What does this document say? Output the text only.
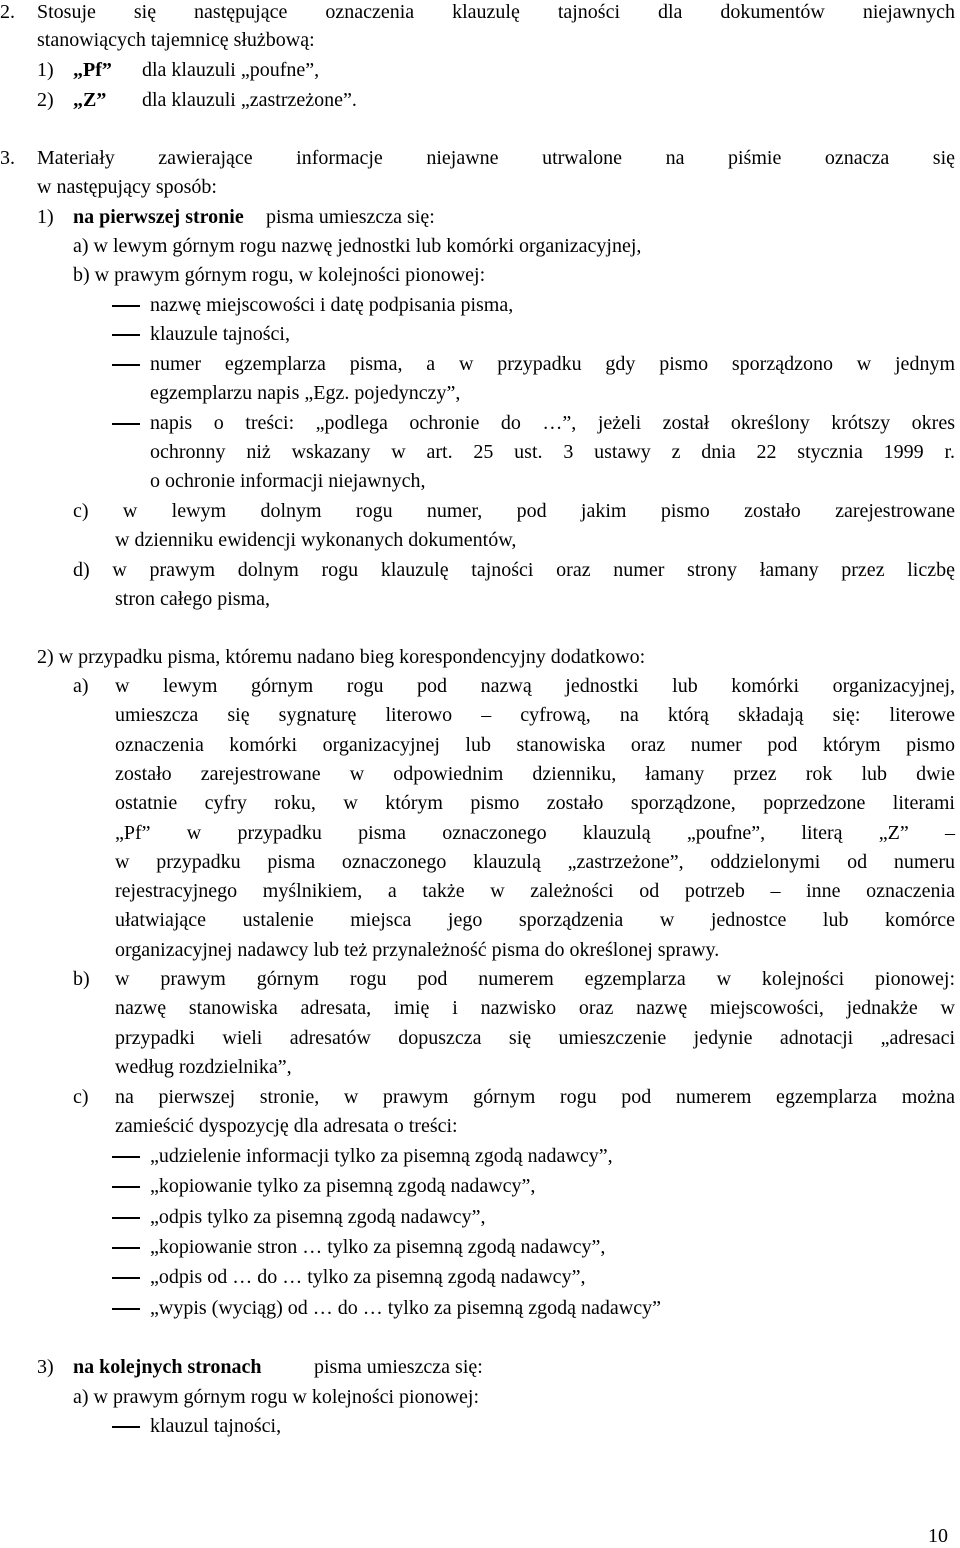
2. Stosuje się następujące oznaczenia klauzulę tajności dla dokumentów niejawnych
stanowiących tajemnicę służbową:
1) „Pf” dla klauzuli „poufne”,
2) „Z” dla klauzuli „zastrzeżone”.
3. Materiały zawierające informacje niejawne utrwalone na piśmie oznacza się
w następujący sposób:
1) na pierwszej stronie pisma umieszcza się:
a) w lewym górnym rogu nazwę jednostki lub komórki organizacyjnej,
b) w prawym górnym rogu, w kolejności pionowej:
nazwę miejscowości i datę podpisania pisma,
klauzule tajności,
numer egzemplarza pisma, a w przypadku gdy pismo sporządzono w jednym
egzemplarzu napis „Egz. pojedynczy”,
napis o treści: „podlega ochronie do …”, jeżeli został określony krótszy okres
ochronny niż wskazany w art. 25 ust. 3 ustawy z dnia 22 stycznia 1999 r.
o ochronie informacji niejawnych,
c) w lewym dolnym rogu numer, pod jakim pismo zostało zarejestrowane
w dzienniku ewidencji wykonanych dokumentów,
d) w prawym dolnym rogu klauzulę tajności oraz numer strony łamany przez liczbę
stron całego pisma,
2) w przypadku pisma, któremu nadano bieg korespondencyjny dodatkowo:
a) w lewym górnym rogu pod nazwą jednostki lub komórki organizacyjnej,
umieszcza się sygnaturę literowo – cyfrową, na którą składają się: literowe
oznaczenia komórki organizacyjnej lub stanowiska oraz numer pod którym pismo
zostało zarejestrowane w odpowiednim dzienniku, łamany przez rok lub dwie
ostatnie cyfry roku, w którym pismo zostało sporządzone, poprzedzone literami
„Pf” w przypadku pisma oznaczonego klauzulą „poufne”, literą „Z” –
w przypadku pisma oznaczonego klauzulą „zastrzeżone”, oddzielonymi od numeru
rejestracyjnego myślnikiem, a także w zależności od potrzeb – inne oznaczenia
ułatwiające ustalenie miejsca jego sporządzenia w jednostce lub komórce
organizacyjnej nadawcy lub też przynależność pisma do określonej sprawy.
b) w prawym górnym rogu pod numerem egzemplarza w kolejności pionowej:
nazwę stanowiska adresata, imię i nazwisko oraz nazwę miejscowości, jednakże w
przypadki wieli adresatów dopuszcza się umieszczenie jedynie adnotacji „adresaci
według rozdzielnika”,
c) na pierwszej stronie, w prawym górnym rogu pod numerem egzemplarza można
zamieścić dyspozycję dla adresata o treści:
„udzielenie informacji tylko za pisemną zgodą nadawcy”,
„kopiowanie tylko za pisemną zgodą nadawcy”,
„odpis tylko za pisemną zgodą nadawcy”,
„kopiowanie stron … tylko za pisemną zgodą nadawcy”,
„odpis od … do … tylko za pisemną zgodą nadawcy”,
„wypis (wyciąg) od … do … tylko za pisemną zgodą nadawcy”
3) na kolejnych stronach	pisma umieszcza się:
a) w prawym górnym rogu w kolejności pionowej:
klauzul tajności,
10
